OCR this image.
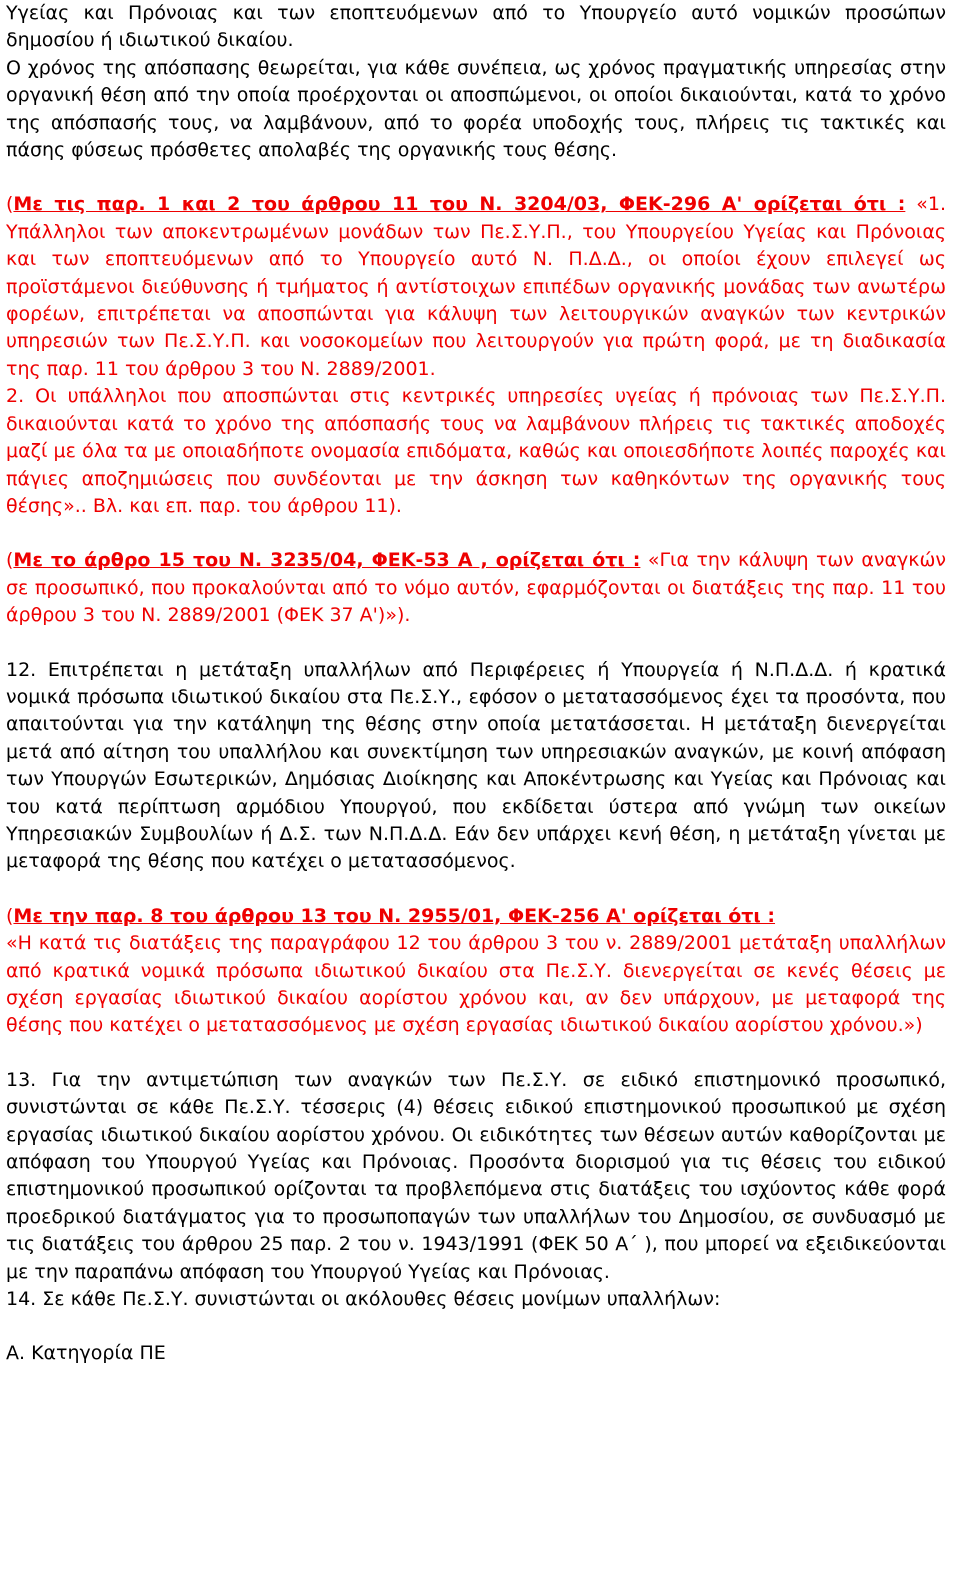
Υγείας και Πρόνοιας και των εποπτευόμενων από το Υπουργείο αυτό νομικών προσώπων δημοσίου ή ιδιωτικού δικαίου.

Ο χρόνος της απόσπασης θεωρείται, για κάθε συνέπεια, ως χρόνος πραγματικής υπηρεσίας στην οργανική θέση από την οποία προέρχονται οι αποσπώμενοι, οι οποίοι δικαιούνται, κατά το χρόνο της απόσπασής τους, να λαμβάνουν, από το φορέα υποδοχής τους, πλήρεις τις τακτικές και πάσης φύσεως πρόσθετες απολαβές της οργανικής τους θέσης.

(Με τις παρ. 1 και 2 του άρθρου 11 του Ν. 3204/03, ΦΕΚ-296 Α' ορίζεται ότι : «1. Υπάλληλοι των αποκεντρωμένων μονάδων των Πε.Σ.Υ.Π., του Υπουργείου Υγείας και Πρόνοιας και των εποπτευόμενων από το Υπουργείο αυτό Ν. Π.Δ.Δ., οι οποίοι έχουν επιλεγεί ως προϊστάμενοι διεύθυνσης ή τμήματος ή αντίστοιχων επιπέδων οργανικής μονάδας των ανωτέρω φορέων, επιτρέπεται να αποσπώνται για κάλυψη των λειτουργικών αναγκών των κεντρικών υπηρεσιών των Πε.Σ.Υ.Π. και νοσοκομείων που λειτουργούν για πρώτη φορά, με τη διαδικασία της παρ. 11 του άρθρου 3 του Ν. 2889/2001.

2. Οι υπάλληλοι που αποσπώνται στις κεντρικές υπηρεσίες υγείας ή πρόνοιας των Πε.Σ.Υ.Π. δικαιούνται κατά το χρόνο της απόσπασής τους να λαμβάνουν πλήρεις τις τακτικές αποδοχές μαζί με όλα τα με οποιαδήποτε ονομασία επιδόματα, καθώς και οποιεσδήποτε λοιπές παροχές και πάγιες αποζημιώσεις που συνδέονται με την άσκηση των καθηκόντων της οργανικής τους θέσης».. Βλ. και επ. παρ. του άρθρου 11).

(Με το άρθρο 15 του Ν. 3235/04, ΦΕΚ-53 Α , ορίζεται ότι : «Για την κάλυψη των αναγκών σε προσωπικό, που προκαλούνται από το νόμο αυτόν, εφαρμόζονται οι διατάξεις της παρ. 11 του άρθρου 3 του Ν. 2889/2001 (ΦΕΚ 37 Α')»).

12. Επιτρέπεται η μετάταξη υπαλλήλων από Περιφέρειες ή Υπουργεία ή Ν.Π.Δ.Δ. ή κρατικά νομικά πρόσωπα ιδιωτικού δικαίου στα Πε.Σ.Υ., εφόσον ο μετατασσόμενος έχει τα προσόντα, που απαιτούνται για την κατάληψη της θέσης στην οποία μετατάσσεται. Η μετάταξη διενεργείται μετά από αίτηση του υπαλλήλου και συνεκτίμηση των υπηρεσιακών αναγκών, με κοινή απόφαση των Υπουργών Εσωτερικών, Δημόσιας Διοίκησης και Αποκέντρωσης και Υγείας και Πρόνοιας και του κατά περίπτωση αρμόδιου Υπουργού, που εκδίδεται ύστερα από γνώμη των οικείων Υπηρεσιακών Συμβουλίων ή Δ.Σ. των Ν.Π.Δ.Δ. Εάν δεν υπάρχει κενή θέση, η μετάταξη γίνεται με μεταφορά της θέσης που κατέχει ο μετατασσόμενος.

(Με την παρ. 8 του άρθρου 13 του Ν. 2955/01, ΦΕΚ-256 Α' ορίζεται ότι :

«Η κατά τις διατάξεις της παραγράφου 12 του άρθρου 3 του ν. 2889/2001 μετάταξη υπαλλήλων από κρατικά νομικά πρόσωπα ιδιωτικού δικαίου στα Πε.Σ.Υ. διενεργείται σε κενές θέσεις με σχέση εργασίας ιδιωτικού δικαίου αορίστου χρόνου και, αν δεν υπάρχουν, με μεταφορά της θέσης που κατέχει ο μετατασσόμενος με σχέση εργασίας ιδιωτικού δικαίου αορίστου χρόνου.»)

13. Για την αντιμετώπιση των αναγκών των Πε.Σ.Υ. σε ειδικό επιστημονικό προσωπικό, συνιστώνται σε κάθε Πε.Σ.Υ. τέσσερις (4) θέσεις ειδικού επιστημονικού προσωπικού με σχέση εργασίας ιδιωτικού δικαίου αορίστου χρόνου. Οι ειδικότητες των θέσεων αυτών καθορίζονται με απόφαση του Υπουργού Υγείας και Πρόνοιας. Προσόντα διορισμού για τις θέσεις του ειδικού επιστημονικού προσωπικού ορίζονται τα προβλεπόμενα στις διατάξεις του ισχύοντος κάθε φορά προεδρικού διατάγματος για το προσωποπαγών των υπαλλήλων του Δημοσίου, σε συνδυασμό με τις διατάξεις του άρθρου 25 παρ. 2 του ν. 1943/1991 (ΦΕΚ 50 Α΄ ), που μπορεί να εξειδικεύονται με την παραπάνω απόφαση του Υπουργού Υγείας και Πρόνοιας.

14. Σε κάθε Πε.Σ.Υ. συνιστώνται οι ακόλουθες θέσεις μονίμων υπαλλήλων:

Α. Κατηγορία ΠΕ
